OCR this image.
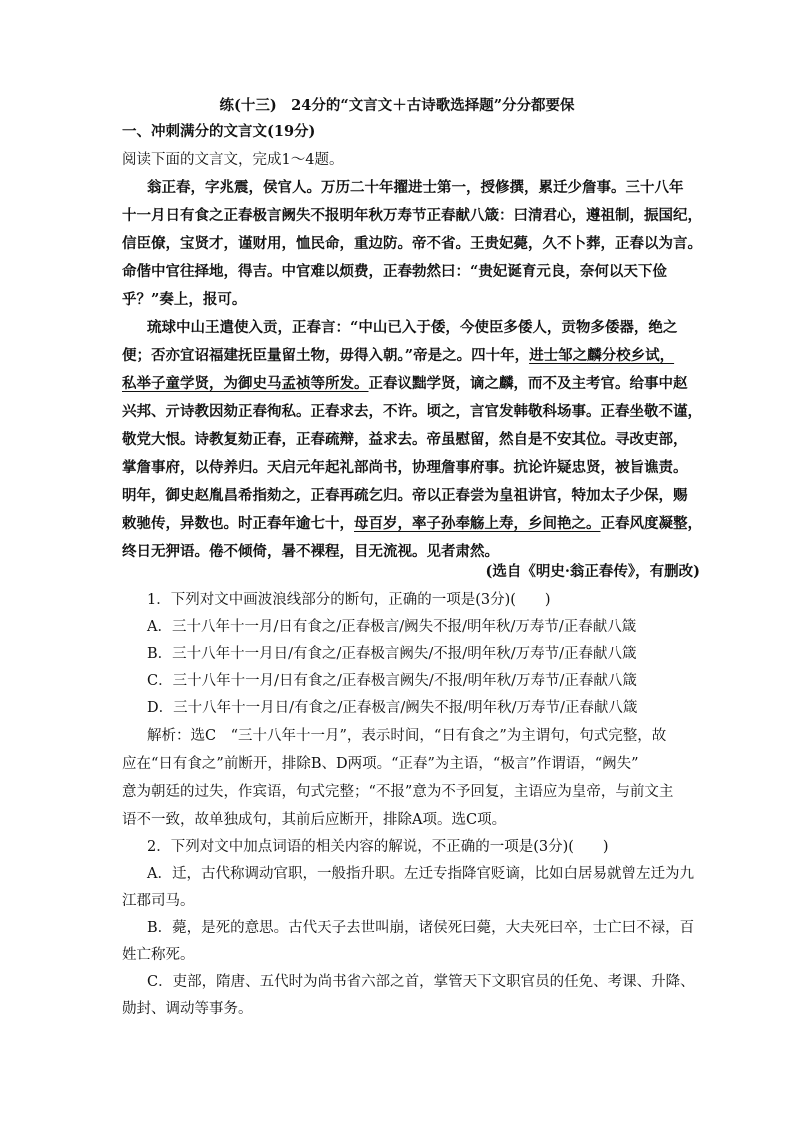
练(十三)　24分的“文言文＋古诗歌选择题”分分都要保
一、冲刺满分的文言文(19分)
阅读下面的文言文，完成1～4题。
翁正春，字兆震，侯官人。万历二十年擢进士第一，授修撰，累迁少詹事。三十八年
十一月日有食之正春极言阙失不报明年秋万寿节正春献八箴：曰清君心，遵祖制，振国纪，
信臣僚，宝贤才，谨财用，恤民命，重边防。帝不省。王贵妃薨，久不卜葬，正春以为言。
命偕中官往择地，得吉。中官难以烦费，正春勃然曰：“贵妃诞育元良，奈何以天下俭
乎？”奏上，报可。
琉球中山王遣使入贡，正春言：“中山已入于倭，今使臣多倭人，贡物多倭器，绝之
便；否亦宜诏福建抚臣量留土物，毋得入朝。”帝是之。四十年，进士邹之麟分校乡试，
私举子童学贤，为御史马孟祯等所发。正春议黜学贤，谪之麟，而不及主考官。给事中赵
兴邦、亓诗教因劾正春徇私。正春求去，不许。顷之，言官发韩敬科场事。正春坐敬不谨，
敬党大恨。诗教复劾正春，正春疏辩，益求去。帝虽慰留，然自是不安其位。寻改吏部，
掌詹事府，以侍养归。天启元年起礼部尚书，协理詹事府事。抗论许疑忠贤，被旨谯责。
明年，御史赵胤昌希指劾之，正春再疏乞归。帝以正春尝为皇祖讲官，特加太子少保，赐
敕驰传，异数也。时正春年逾七十，母百岁，率子孙奉觞上寿，乡间艳之。正春风度凝整，
终日无狎语。倦不倾倚，暑不裸程，目无流视。见者肃然。
(选自《明史·翁正春传》，有删改)
1．下列对文中画波浪线部分的断句，正确的一项是(3分)(　　)
A．三十八年十一月/日有食之/正春极言/阙失不报/明年秋/万寿节/正春献八箴
B．三十八年十一月日/有食之/正春极言阙失/不报/明年秋/万寿节/正春献八箴
C．三十八年十一月/日有食之/正春极言阙失/不报/明年秋/万寿节/正春献八箴
D．三十八年十一月日/有食之/正春极言/阙失不报/明年秋/万寿节/正春献八箴
解析：选C　“三十八年十一月”，表示时间，“日有食之”为主谓句，句式完整，故
应在“日有食之”前断开，排除B、D两项。“正春”为主语，“极言”作谓语，“阙失”
意为朝廷的过失，作宾语，句式完整；“不报”意为不予回复，主语应为皇帝，与前文主
语不一致，故单独成句，其前后应断开，排除A项。选C项。
2．下列对文中加点词语的相关内容的解说，不正确的一项是(3分)(　　)
A．迁，古代称调动官职，一般指升职。左迁专指降官贬谪，比如白居易就曾左迁为九
江郡司马。
B．薨，是死的意思。古代天子去世叫崩，诸侯死曰薨，大夫死曰卒，士亡曰不禄，百
姓亡称死。
C．吏部，隋唐、五代时为尚书省六部之首，掌管天下文职官员的任免、考课、升降、
勋封、调动等事务。
